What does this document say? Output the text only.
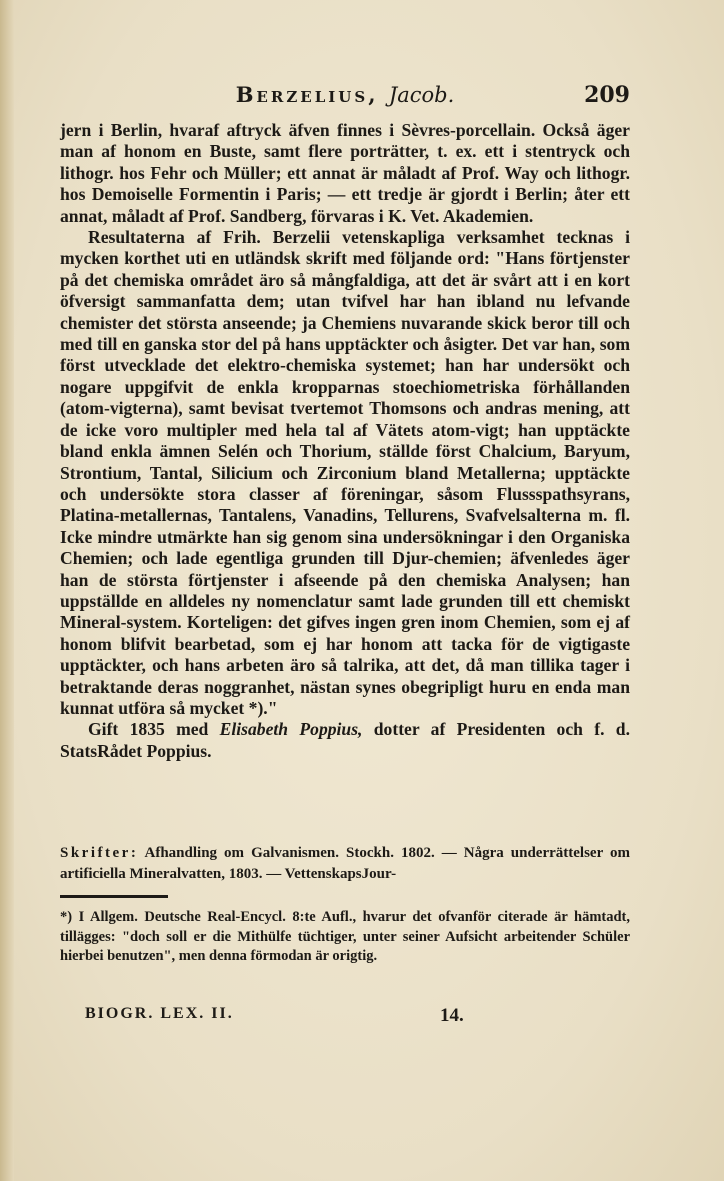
Berzelius, Jacob.	209

jern i Berlin, hvaraf aftryck äfven finnes i Sèvres-porcellain. Också äger man af honom en Buste, samt flere porträtter, t. ex. ett i stentryck och lithogr. hos Fehr och Müller; ett annat är måladt af Prof. Way och lithogr. hos Demoiselle Formentin i Paris; — ett tredje är gjordt i Berlin; åter ett annat, måladt af Prof. Sandberg, förvaras i K. Vet. Akademien.

Resultaterna af Frih. Berzelii vetenskapliga verksamhet tecknas i mycken korthet uti en utländsk skrift med följande ord: "Hans förtjenster på det chemiska området äro så mångfaldiga, att det är svårt att i en kort öfversigt sammanfatta dem; utan tvifvel har han ibland nu lefvande chemister det största anseende; ja Chemiens nuvarande skick beror till och med till en ganska stor del på hans upptäckter och åsigter. Det var han, som först utvecklade det elektro-chemiska systemet; han har undersökt och nogare uppgifvit de enkla kropparnas stoechiometriska förhållanden (atom-vigterna), samt bevisat tvertemot Thomsons och andras mening, att de icke voro multipler med hela tal af Vätets atom-vigt; han upptäckte bland enkla ämnen Selén och Thorium, ställde först Chalcium, Baryum, Strontium, Tantal, Silicium och Zirconium bland Metallerna; upptäckte och undersökte stora classer af föreningar, såsom Flussspathsyrans, Platina-metallernas, Tantalens, Vanadins, Tellurens, Svafvelsalterna m. fl. Icke mindre utmärkte han sig genom sina undersökningar i den Organiska Chemien; och lade egentliga grunden till Djur-chemien; äfvenledes äger han de största förtjenster i afseende på den chemiska Analysen; han uppställde en alldeles ny nomenclatur samt lade grunden till ett chemiskt Mineral-system. Korteligen: det gifves ingen gren inom Chemien, som ej af honom blifvit bearbetad, som ej har honom att tacka för de vigtigaste upptäckter, och hans arbeten äro så talrika, att det, då man tillika tager i betraktande deras noggranhet, nästan synes obegripligt huru en enda man kunnat utföra så mycket *)."

Gift 1835 med Elisabeth Poppius, dotter af Presidenten och f. d. StatsRådet Poppius.

Skrifter: Afhandling om Galvanismen. Stockh. 1802. — Några underrättelser om artificiella Mineralvatten, 1803. — VettenskapsJour-
*) I Allgem. Deutsche Real-Encycl. 8:te Aufl., hvarur det ofvanför citerade är hämtadt, tillägges: "doch soll er die Mithülfe tüchtiger, unter seiner Aufsicht arbeitender Schüler hierbei benutzen", men denna förmodan är origtig.
BIOGR. LEX. II.	14.
